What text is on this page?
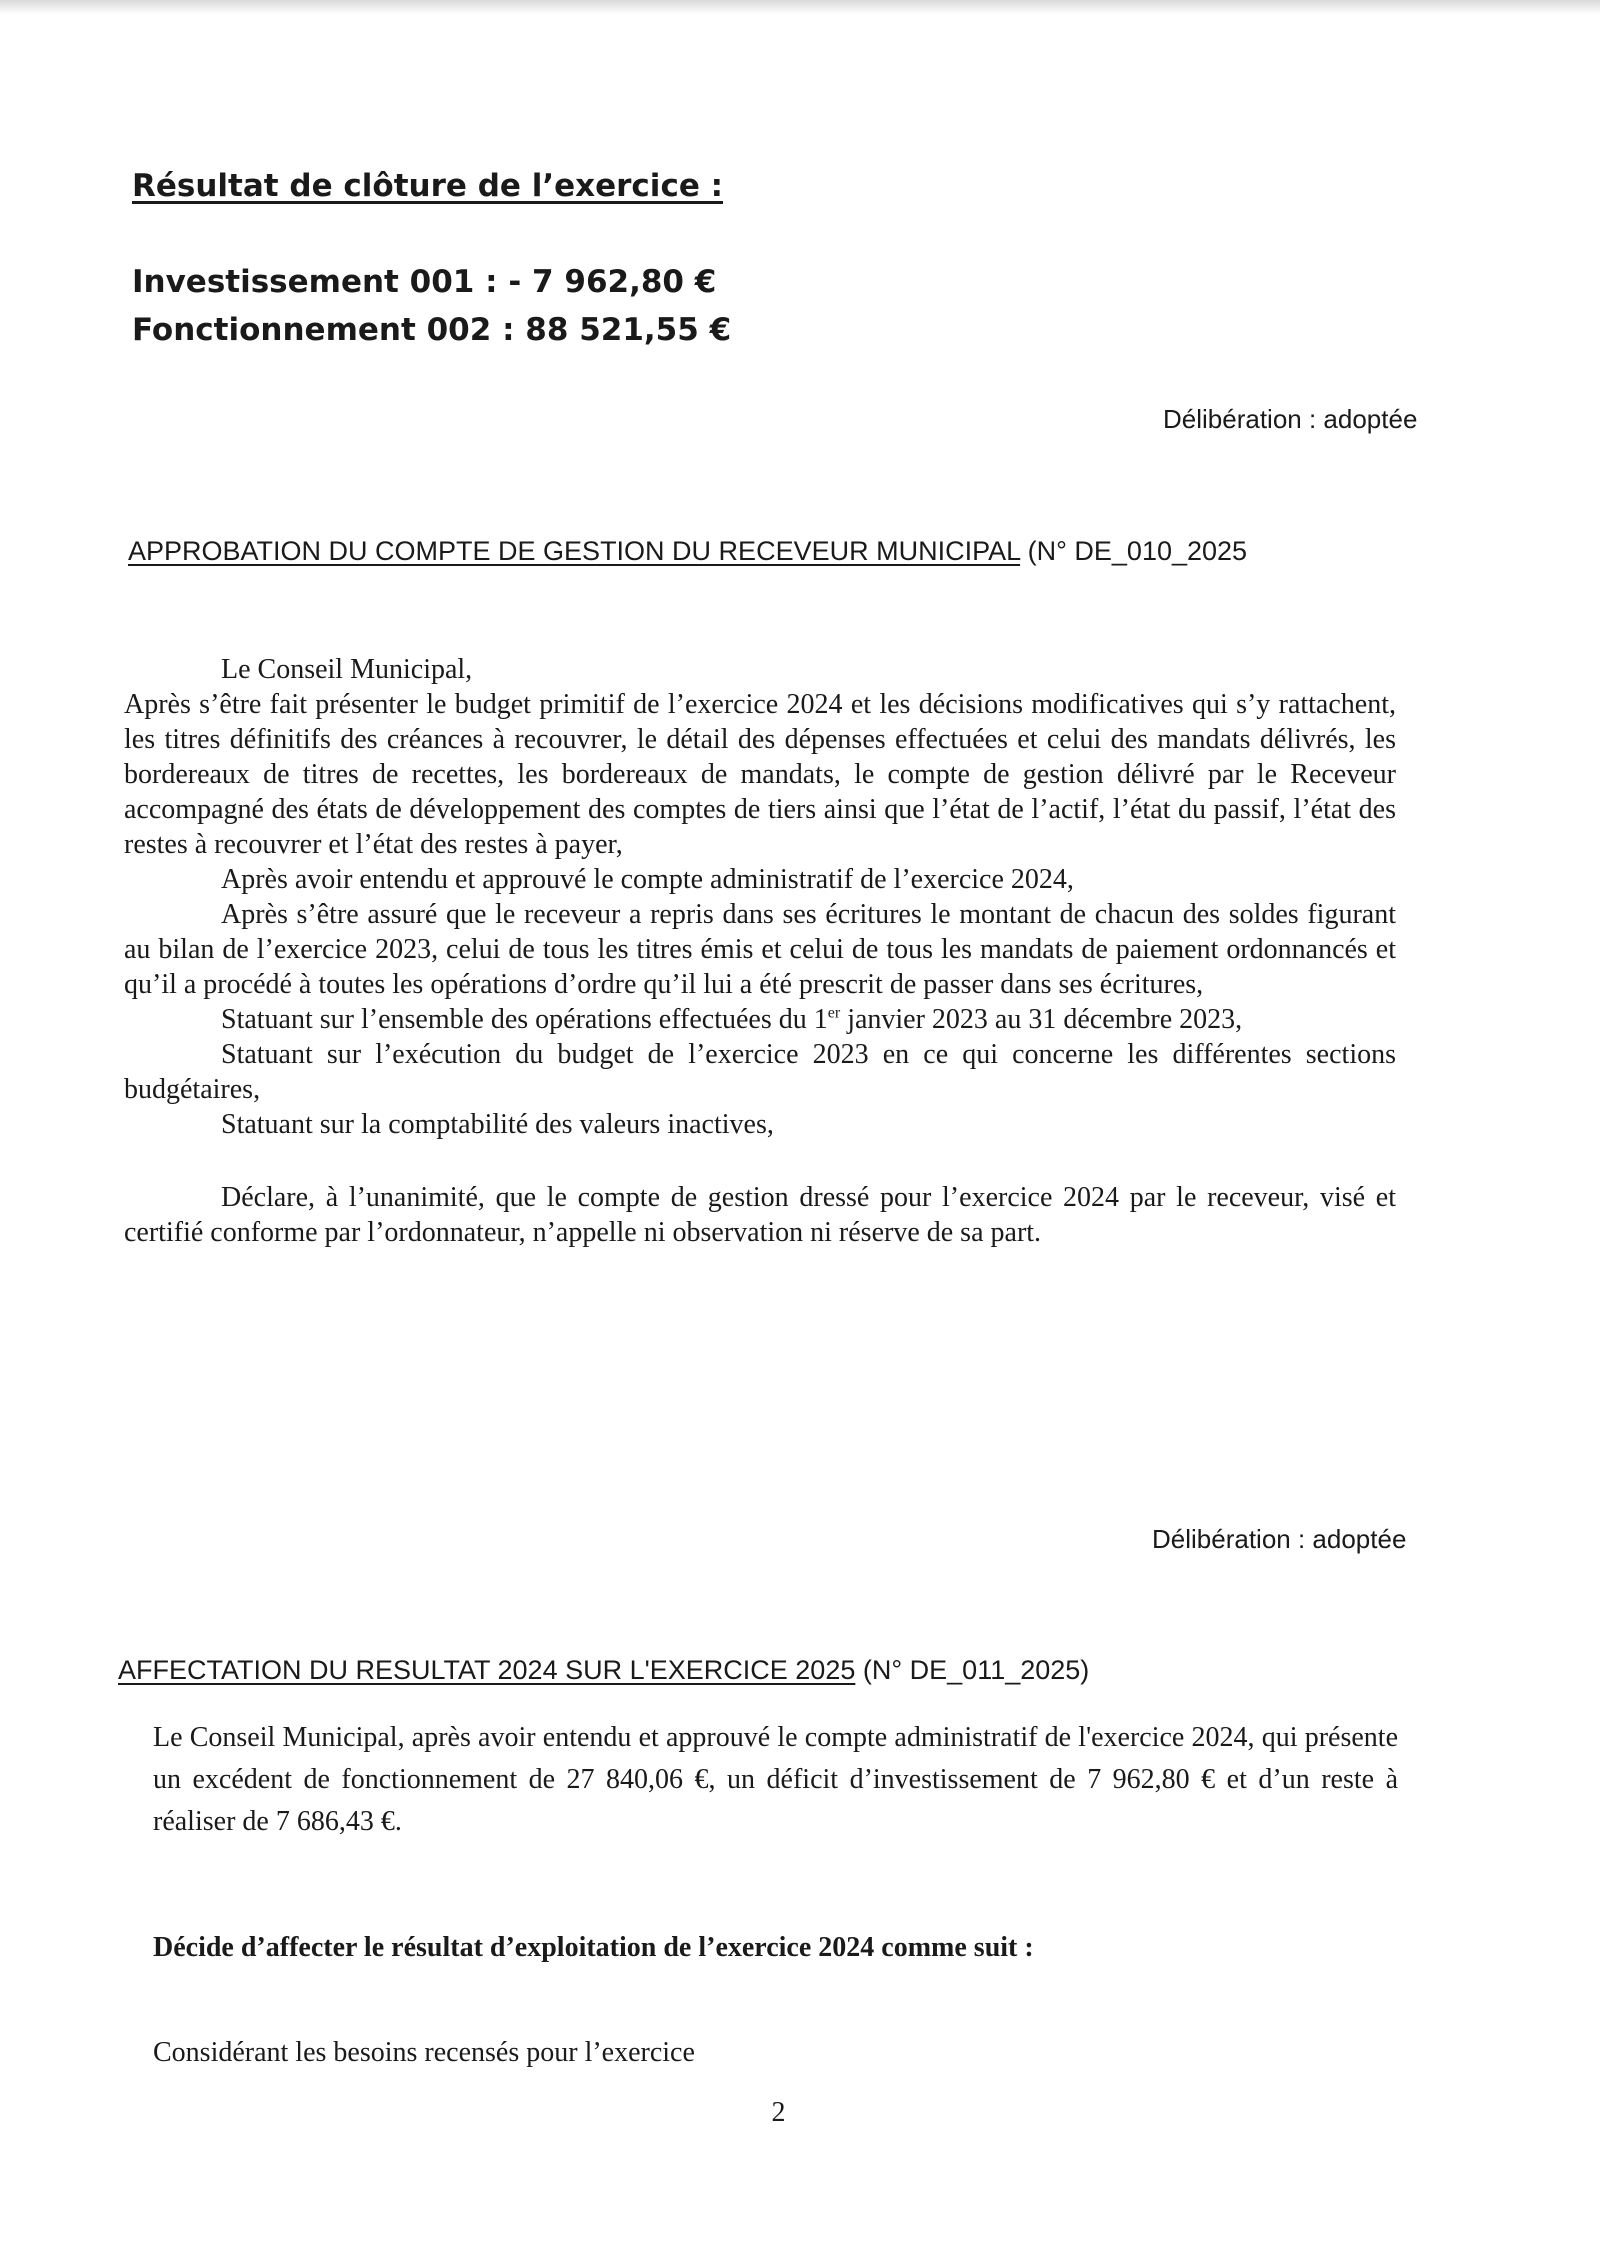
Résultat de clôture de l’exercice :
Investissement 001 : - 7 962,80 €
Fonctionnement 002 : 88 521,55 €
Délibération : adoptée
APPROBATION DU COMPTE DE GESTION DU RECEVEUR MUNICIPAL (N° DE_010_2025

Le Conseil Municipal,

Après s’être fait présenter le budget primitif de l’exercice 2024 et les décisions modificatives qui s’y rattachent, les titres définitifs des créances à recouvrer, le détail des dépenses effectuées et celui des mandats délivrés, les bordereaux de titres de recettes, les bordereaux de mandats, le compte de gestion délivré par le Receveur accompagné des états de développement des comptes de tiers ainsi que l’état de l’actif, l’état du passif, l’état des restes à recouvrer et l’état des restes à payer,

Après avoir entendu et approuvé le compte administratif de l’exercice 2024,

Après s’être assuré que le receveur a repris dans ses écritures le montant de chacun des soldes figurant au bilan de l’exercice 2023, celui de tous les titres émis et celui de tous les mandats de paiement ordonnancés et qu’il a procédé à toutes les opérations d’ordre qu’il lui a été prescrit de passer dans ses écritures,

Statuant sur l’ensemble des opérations effectuées du 1er janvier 2023 au 31 décembre 2023,

Statuant sur l’exécution du budget de l’exercice 2023 en ce qui concerne les différentes sections budgétaires,

Statuant sur la comptabilité des valeurs inactives,

Déclare, à l’unanimité, que le compte de gestion dressé pour l’exercice 2024 par le receveur, visé et certifié conforme par l’ordonnateur, n’appelle ni observation ni réserve de sa part.

Délibération : adoptée
AFFECTATION DU RESULTAT 2024 SUR L'EXERCICE 2025 (N° DE_011_2025)
Le Conseil Municipal, après avoir entendu et approuvé le compte administratif de l'exercice 2024, qui présente un excédent de fonctionnement de 27 840,06 €, un déficit d’investissement de 7 962,80 € et d’un reste à réaliser de 7 686,43 €.
Décide d’affecter le résultat d’exploitation de l’exercice 2024 comme suit :
Considérant les besoins recensés pour l’exercice
2
